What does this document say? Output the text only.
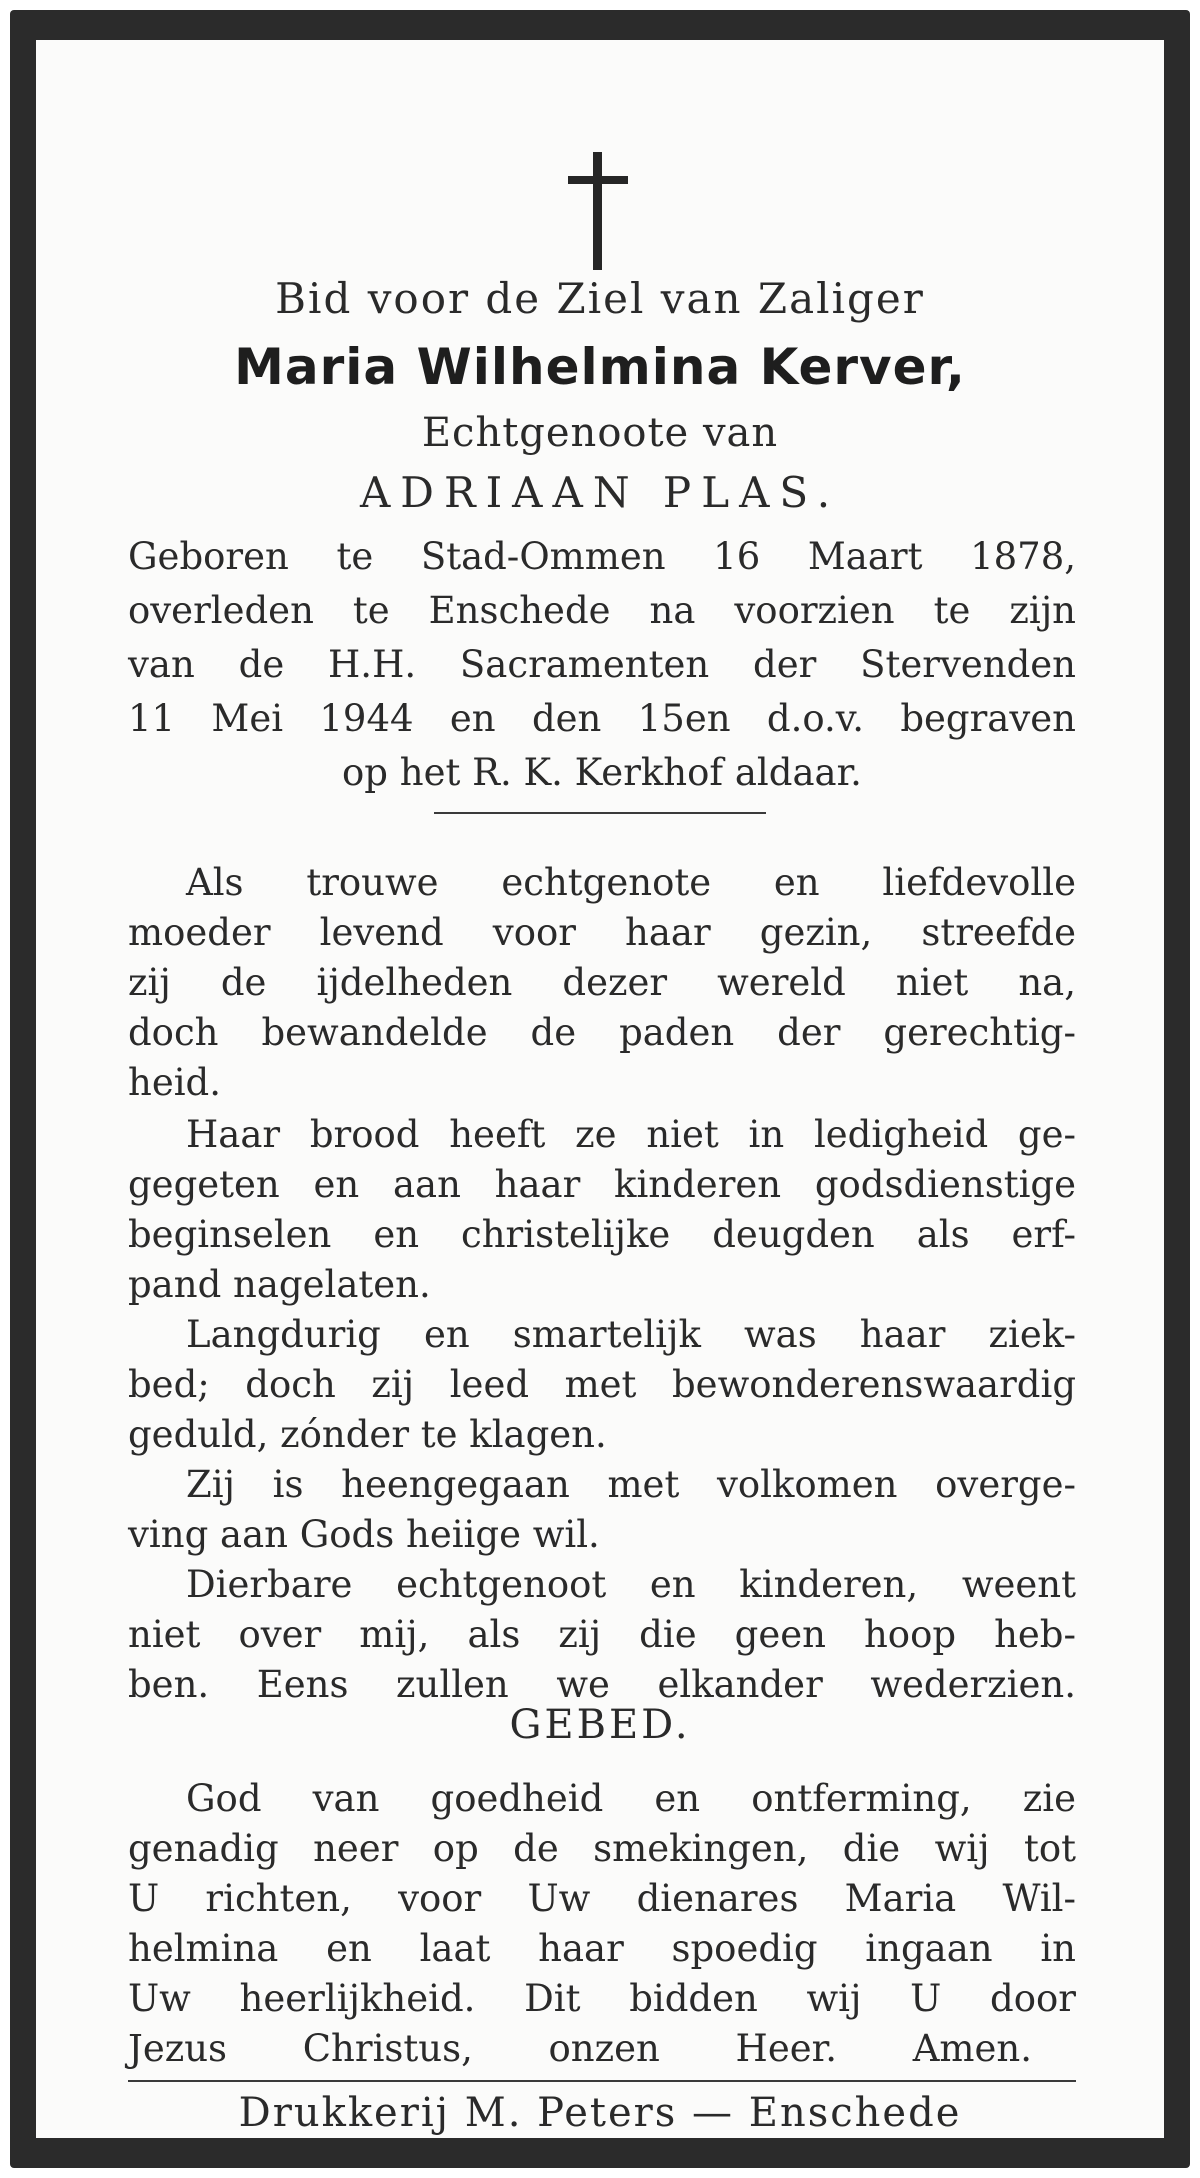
Bid voor de Ziel van Zaliger
Maria Wilhelmina Kerver,
Echtgenoote van
ADRIAAN PLAS.
Geboren te Stad-Ommen 16 Maart 1878,
overleden te Enschede na voorzien te zijn
van de H.H. Sacramenten der Stervenden
11 Mei 1944 en den 15en d.o.v. begraven
op het R. K. Kerkhof aldaar.
Als trouwe echtgenote en liefdevolle
moeder levend voor haar gezin, streefde
zij de ijdelheden dezer wereld niet na,
doch bewandelde de paden der gerechtig-
heid.
Haar brood heeft ze niet in ledigheid ge-
gegeten en aan haar kinderen godsdienstige
beginselen en christelijke deugden als erf-
pand nagelaten.
Langdurig en smartelijk was haar ziek-
bed; doch zij leed met bewonderenswaardig
geduld, zónder te klagen.
Zij is heengegaan met volkomen overge-
ving aan Gods heiige wil.
Dierbare echtgenoot en kinderen, weent
niet over mij, als zij die geen hoop heb-
ben. Eens zullen we elkander wederzien.
GEBED.
God van goedheid en ontferming, zie
genadig neer op de smekingen, die wij tot
U richten, voor Uw dienares Maria Wil-
helmina en laat haar spoedig ingaan in
Uw heerlijkheid. Dit bidden wij U door
Jezus Christus, onzen Heer. Amen.
Drukkerij M. Peters — Enschede
